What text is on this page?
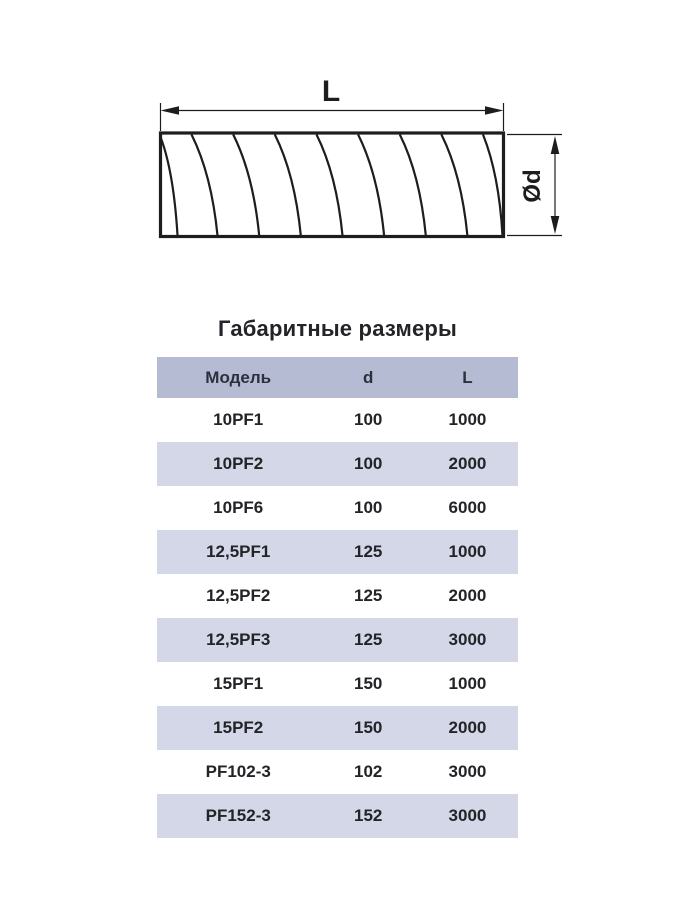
L
Ød
Габаритные размеры
Модель	d	L
10PF1	100	1000
10PF2	100	2000
10PF6	100	6000
12,5PF1	125	1000
12,5PF2	125	2000
12,5PF3	125	3000
15PF1	150	1000
15PF2	150	2000
PF102-3	102	3000
PF152-3	152	3000
